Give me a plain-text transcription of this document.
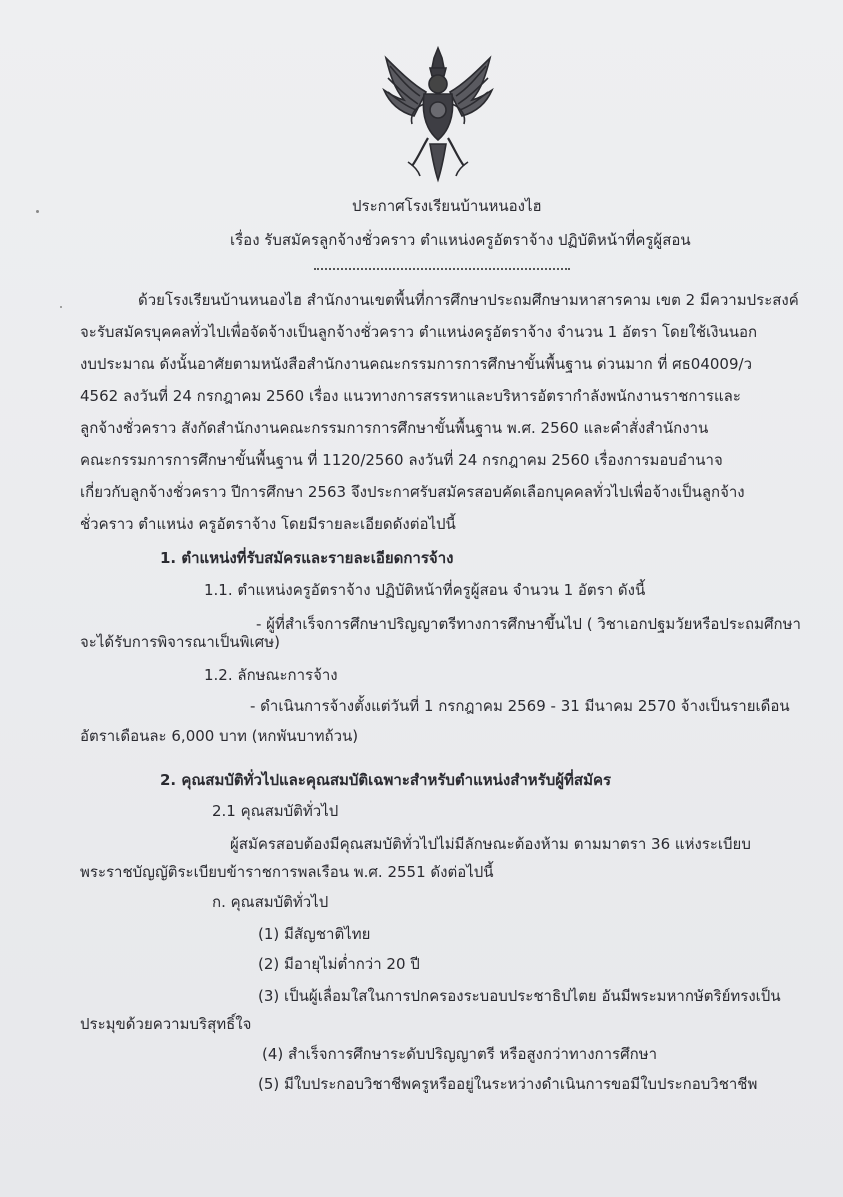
ประกาศโรงเรียนบ้านหนองไฮ

เรื่อง รับสมัครลูกจ้างชั่วคราว ตำแหน่งครูอัตราจ้าง ปฏิบัติหน้าที่ครูผู้สอน

ด้วยโรงเรียนบ้านหนองไฮ สำนักงานเขตพื้นที่การศึกษาประถมศึกษามหาสารคาม เขต 2 มีความประสงค์

จะรับสมัครบุคคลทั่วไปเพื่อจัดจ้างเป็นลูกจ้างชั่วคราว ตำแหน่งครูอัตราจ้าง จำนวน 1 อัตรา โดยใช้เงินนอก

งบประมาณ ดังนั้นอาศัยตามหนังสือสำนักงานคณะกรรมการการศึกษาขั้นพื้นฐาน ด่วนมาก ที่ ศธ04009/ว

4562 ลงวันที่ 24 กรกฎาคม 2560 เรื่อง แนวทางการสรรหาและบริหารอัตรากำลังพนักงานราชการและ

ลูกจ้างชั่วคราว สังกัดสำนักงานคณะกรรมการการศึกษาขั้นพื้นฐาน พ.ศ. 2560 และคำสั่งสำนักงาน

คณะกรรมการการศึกษาขั้นพื้นฐาน ที่ 1120/2560 ลงวันที่ 24 กรกฎาคม 2560 เรื่องการมอบอำนาจ

เกี่ยวกับลูกจ้างชั่วคราว ปีการศึกษา 2563 จึงประกาศรับสมัครสอบคัดเลือกบุคคลทั่วไปเพื่อจ้างเป็นลูกจ้าง

ชั่วคราว ตำแหน่ง ครูอัตราจ้าง โดยมีรายละเอียดดังต่อไปนี้

1. ตำแหน่งที่รับสมัครและรายละเอียดการจ้าง

1.1. ตำแหน่งครูอัตราจ้าง ปฏิบัติหน้าที่ครูผู้สอน จำนวน 1 อัตรา ดังนี้

- ผู้ที่สำเร็จการศึกษาปริญญาตรีทางการศึกษาขึ้นไป ( วิชาเอกปฐมวัยหรือประถมศึกษา

จะได้รับการพิจารณาเป็นพิเศษ)

1.2. ลักษณะการจ้าง

- ดำเนินการจ้างตั้งแต่วันที่ 1 กรกฎาคม 2569 - 31 มีนาคม 2570 จ้างเป็นรายเดือน

อัตราเดือนละ 6,000 บาท (หกพันบาทถ้วน)

2. คุณสมบัติทั่วไปและคุณสมบัติเฉพาะสำหรับตำแหน่งสำหรับผู้ที่สมัคร

2.1 คุณสมบัติทั่วไป

ผู้สมัครสอบต้องมีคุณสมบัติทั่วไปไม่มีลักษณะต้องห้าม ตามมาตรา 36 แห่งระเบียบ

พระราชบัญญัติระเบียบข้าราชการพลเรือน พ.ศ. 2551 ดังต่อไปนี้

ก. คุณสมบัติทั่วไป

(1) มีสัญชาติไทย

(2) มีอายุไม่ต่ำกว่า 20 ปี

(3) เป็นผู้เลื่อมใสในการปกครองระบอบประชาธิปไตย อันมีพระมหากษัตริย์ทรงเป็น

ประมุขด้วยความบริสุทธิ์ใจ

(4) สำเร็จการศึกษาระดับปริญญาตรี หรือสูงกว่าทางการศึกษา

(5) มีใบประกอบวิชาชีพครูหรืออยู่ในระหว่างดำเนินการขอมีใบประกอบวิชาชีพ
